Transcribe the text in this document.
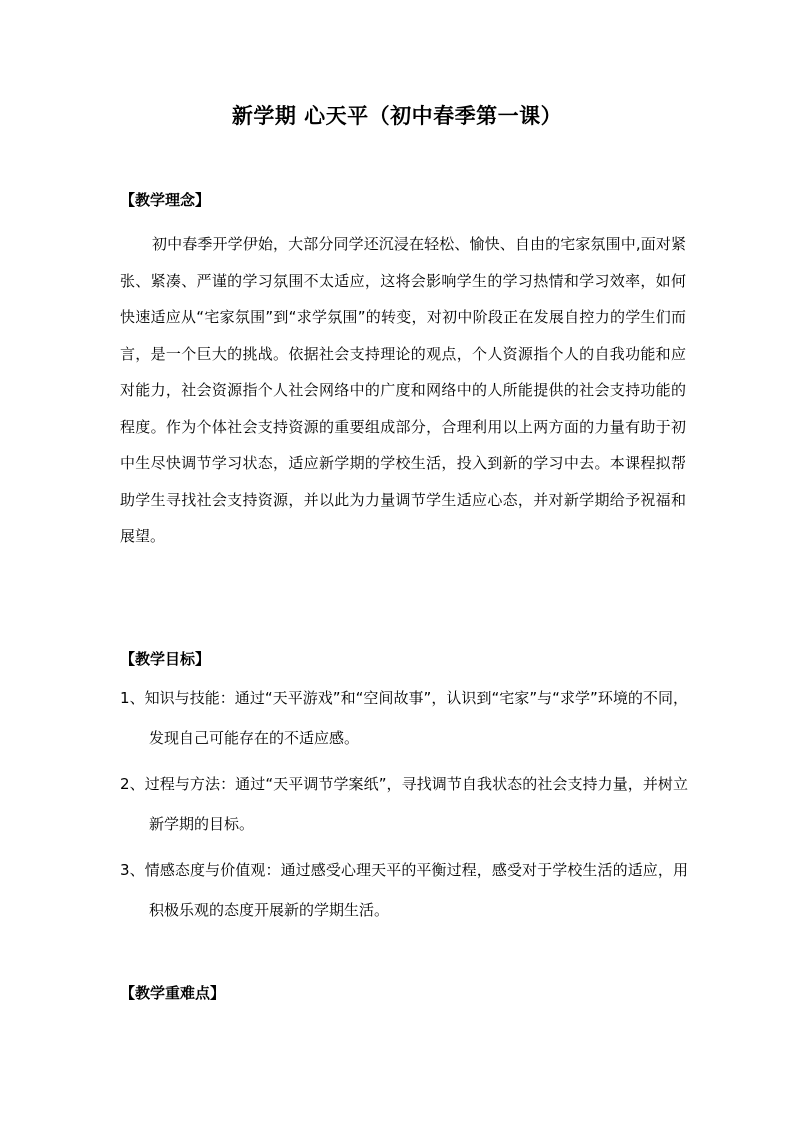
新学期 心天平（初中春季第一课）
【教学理念】

初中春季开学伊始，大部分同学还沉浸在轻松、愉快、自由的宅家氛围中,面对紧张、紧凑、严谨的学习氛围不太适应，这将会影响学生的学习热情和学习效率，如何快速适应从“宅家氛围”到“求学氛围”的转变，对初中阶段正在发展自控力的学生们而言，是一个巨大的挑战。依据社会支持理论的观点，个人资源指个人的自我功能和应对能力，社会资源指个人社会网络中的广度和网络中的人所能提供的社会支持功能的程度。作为个体社会支持资源的重要组成部分，合理利用以上两方面的力量有助于初中生尽快调节学习状态，适应新学期的学校生活，投入到新的学习中去。本课程拟帮助学生寻找社会支持资源，并以此为力量调节学生适应心态，并对新学期给予祝福和展望。

【教学目标】
1、知识与技能：通过“天平游戏”和“空间故事”，认识到“宅家”与“求学”环境的不同，发现自己可能存在的不适应感。
2、过程与方法：通过“天平调节学案纸”，寻找调节自我状态的社会支持力量，并树立新学期的目标。
3、情感态度与价值观：通过感受心理天平的平衡过程，感受对于学校生活的适应，用积极乐观的态度开展新的学期生活。
【教学重难点】
